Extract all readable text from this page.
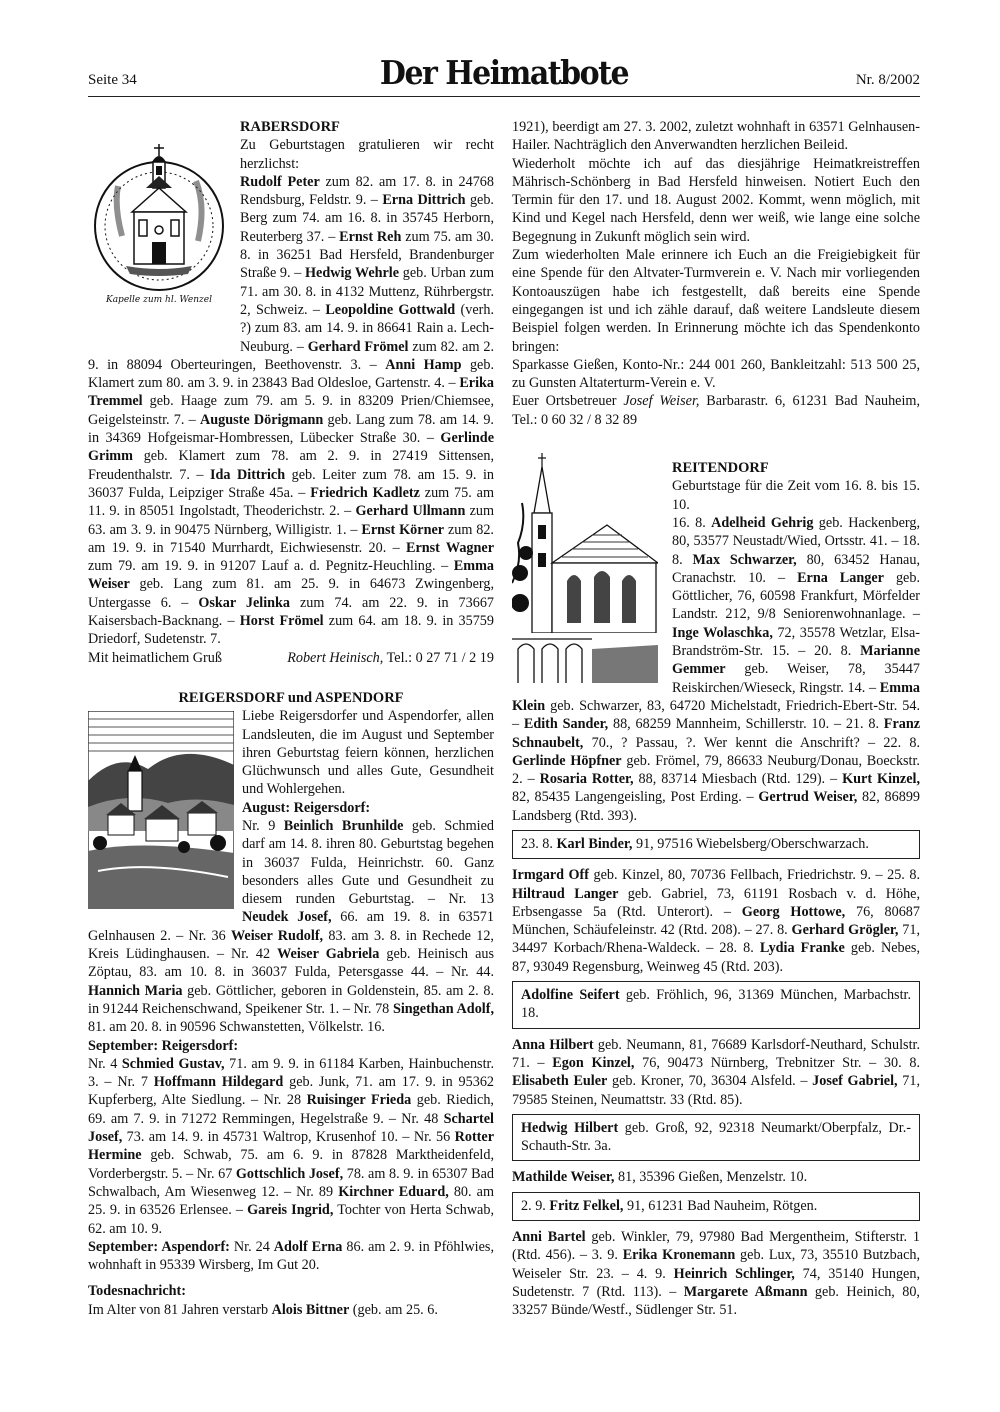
Seite 34	Der Heimatbote	Nr. 8/2002
Kapelle zum hl. Wenzel

RABERSDORF

Zu Geburtstagen gratulieren wir recht herzlichst:
Rudolf Peter zum 82. am 17. 8. in 24768 Rendsburg, Feldstr. 9. – Erna Dittrich geb. Berg zum 74. am 16. 8. in 35745 Herborn, Reuterberg 37. – Ernst Reh zum 75. am 30. 8. in 36251 Bad Hersfeld, Brandenburger Straße 9. – Hedwig Wehrle geb. Urban zum 71. am 30. 8. in 4132 Muttenz, Rührbergstr. 2, Schweiz. – Leopoldine Gottwald (verh. ?) zum 83. am 14. 9. in 86641 Rain a. Lech-Neuburg. – Gerhard Frömel zum 82. am 2. 9. in 88094 Oberteuringen, Beethovenstr. 3. – Anni Hamp geb. Klamert zum 80. am 3. 9. in 23843 Bad Oldesloe, Gartenstr. 4. – Erika Tremmel geb. Haage zum 79. am 5. 9. in 83209 Prien/Chiemsee, Geigelsteinstr. 7. – Auguste Dörigmann geb. Lang zum 78. am 14. 9. in 34369 Hofgeismar-Hombressen, Lübecker Straße 30. – Gerlinde Grimm geb. Klamert zum 78. am 2. 9. in 27419 Sittensen, Freudenthalstr. 7. – Ida Dittrich geb. Leiter zum 78. am 15. 9. in 36037 Fulda, Leipziger Straße 45a. – Friedrich Kadletz zum 75. am 11. 9. in 85051 Ingolstadt, Theoderichstr. 2. – Gerhard Ullmann zum 63. am 3. 9. in 90475 Nürnberg, Willigistr. 1. – Ernst Körner zum 82. am 19. 9. in 71540 Murrhardt, Eichwiesenstr. 20. – Ernst Wagner zum 79. am 19. 9. in 91207 Lauf a. d. Pegnitz-Heuchling. – Emma Weiser geb. Lang zum 81. am 25. 9. in 64673 Zwingenberg, Untergasse 6. – Oskar Jelinka zum 74. am 22. 9. in 73667 Kaisersbach-Backnang. – Horst Frömel zum 64. am 18. 9. in 35759 Driedorf, Sudetenstr. 7.

Mit heimatlichem Gruß	Robert Heinisch, Tel.: 0 27 71 / 2 19

REIGERSDORF und ASPENDORF

Liebe Reigersdorfer und Aspendorfer, allen Landsleuten, die im August und September ihren Geburtstag feiern können, herzlichen Glüchwunsch und alles Gute, Gesundheit und Wohlergehen.

August: Reigersdorf:
Nr. 9 Beinlich Brunhilde geb. Schmied darf am 14. 8. ihren 80. Geburtstag begehen in 36037 Fulda, Heinrichstr. 60. Ganz besonders alles Gute und Gesundheit zu diesem runden Geburtstag. – Nr. 13 Neudek Josef, 66. am 19. 8. in 63571 Gelnhausen 2. – Nr. 36 Weiser Rudolf, 83. am 3. 8. in Rechede 12, Kreis Lüdinghausen. – Nr. 42 Weiser Gabriela geb. Heinisch aus Zöptau, 83. am 10. 8. in 36037 Fulda, Petersgasse 44. – Nr. 44. Hannich Maria geb. Göttlicher, geboren in Goldenstein, 85. am 2. 8. in 91244 Reichenschwand, Speikener Str. 1. – Nr. 78 Singethan Adolf, 81. am 20. 8. in 90596 Schwanstetten, Völkelstr. 16.

September: Reigersdorf:
Nr. 4 Schmied Gustav, 71. am 9. 9. in 61184 Karben, Hainbuchenstr. 3. – Nr. 7 Hoffmann Hildegard geb. Junk, 71. am 17. 9. in 95362 Kupferberg, Alte Siedlung. – Nr. 28 Ruisinger Frieda geb. Riedich, 69. am 7. 9. in 71272 Remmingen, Hegelstraße 9. – Nr. 48 Schartel Josef, 73. am 14. 9. in 45731 Waltrop, Krusenhof 10. – Nr. 56 Rotter Hermine geb. Schwab, 75. am 6. 9. in 87828 Marktheidenfeld, Vorderbergstr. 5. – Nr. 67 Gottschlich Josef, 78. am 8. 9. in 65307 Bad Schwalbach, Am Wiesenweg 12. – Nr. 89 Kirchner Eduard, 80. am 25. 9. in 63526 Erlensee. – Gareis Ingrid, Tochter von Herta Schwab, 62. am 10. 9.

September: Aspendorf: Nr. 24 Adolf Erna 86. am 2. 9. in Pföhlwies, wohnhaft in 95339 Wirsberg, Im Gut 20.

Todesnachricht:
Im Alter von 81 Jahren verstarb Alois Bittner (geb. am 25. 6.

1921), beerdigt am 27. 3. 2002, zuletzt wohnhaft in 63571 Gelnhausen-Hailer. Nachträglich den Anverwandten herzlichen Beileid.

Wiederholt möchte ich auf das diesjährige Heimatkreistreffen Mährisch-Schönberg in Bad Hersfeld hinweisen. Notiert Euch den Termin für den 17. und 18. August 2002. Kommt, wenn möglich, mit Kind und Kegel nach Hersfeld, denn wer weiß, wie lange eine solche Begegnung in Zukunft möglich sein wird.

Zum wiederholten Male erinnere ich Euch an die Freigiebigkeit für eine Spende für den Altvater-Turmverein e. V. Nach mir vorliegenden Kontoauszügen habe ich festgestellt, daß bereits eine Spende eingegangen ist und ich zähle darauf, daß weitere Landsleute diesem Beispiel folgen werden. In Erinnerung möchte ich das Spendenkonto bringen:

Sparkasse Gießen, Konto-Nr.: 244 001 260, Bankleitzahl: 513 500 25, zu Gunsten Altaterturm-Verein e. V.

Euer Ortsbetreuer Josef Weiser, Barbarastr. 6, 61231 Bad Nauheim, Tel.: 0 60 32 / 8 32 89

REITENDORF

Geburtstage für die Zeit vom 16. 8. bis 15. 10.
16. 8. Adelheid Gehrig geb. Hackenberg, 80, 53577 Neustadt/Wied, Ortsstr. 41. – 18. 8. Max Schwarzer, 80, 63452 Hanau, Cranachstr. 10. – Erna Langer geb. Göttlicher, 76, 60598 Frankfurt, Mörfelder Landstr. 212, 9/8 Seniorenwohnanlage. – Inge Wolaschka, 72, 35578 Wetzlar, Elsa-Brandström-Str. 15. – 20. 8. Marianne Gemmer geb. Weiser, 78, 35447 Reiskirchen/Wieseck, Ringstr. 14. – Emma Klein geb. Schwarzer, 83, 64720 Michelstadt, Friedrich-Ebert-Str. 54. – Edith Sander, 88, 68259 Mannheim, Schillerstr. 10. – 21. 8. Franz Schnaubelt, 70., ? Passau, ?. Wer kennt die Anschrift? – 22. 8. Gerlinde Höpfner geb. Frömel, 79, 86633 Neuburg/Donau, Boeckstr. 2. – Rosaria Rotter, 88, 83714 Miesbach (Rtd. 129). – Kurt Kinzel, 82, 85435 Langengeisling, Post Erding. – Gertrud Weiser, 82, 86899 Landsberg (Rtd. 393).

23. 8. Karl Binder, 91, 97516 Wiebelsberg/Oberschwarzach.

Irmgard Off geb. Kinzel, 80, 70736 Fellbach, Friedrichstr. 9. – 25. 8. Hiltraud Langer geb. Gabriel, 73, 61191 Rosbach v. d. Höhe, Erbsengasse 5a (Rtd. Unterort). – Georg Hottowe, 76, 80687 München, Schäufeleinstr. 42 (Rtd. 208). – 27. 8. Gerhard Grögler, 71, 34497 Korbach/Rhena-Waldeck. – 28. 8. Lydia Franke geb. Nebes, 87, 93049 Regensburg, Weinweg 45 (Rtd. 203).

Adolfine Seifert geb. Fröhlich, 96, 31369 München, Marbachstr. 18.

Anna Hilbert geb. Neumann, 81, 76689 Karlsdorf-Neuthard, Schulstr. 71. – Egon Kinzel, 76, 90473 Nürnberg, Trebnitzer Str. – 30. 8. Elisabeth Euler geb. Kroner, 70, 36304 Alsfeld. – Josef Gabriel, 71, 79585 Steinen, Neumattstr. 33 (Rtd. 85).

Hedwig Hilbert geb. Groß, 92, 92318 Neumarkt/Oberpfalz, Dr.-Schauth-Str. 3a.

Mathilde Weiser, 81, 35396 Gießen, Menzelstr. 10.

2. 9. Fritz Felkel, 91, 61231 Bad Nauheim, Rötgen.

Anni Bartel geb. Winkler, 79, 97980 Bad Mergentheim, Stifterstr. 1 (Rtd. 456). – 3. 9. Erika Kronemann geb. Lux, 73, 35510 Butzbach, Weiseler Str. 23. – 4. 9. Heinrich Schlinger, 74, 35140 Hungen, Sudetenstr. 7 (Rtd. 113). – Margarete Aßmann geb. Heinich, 80, 33257 Bünde/Westf., Südlenger Str. 51.
